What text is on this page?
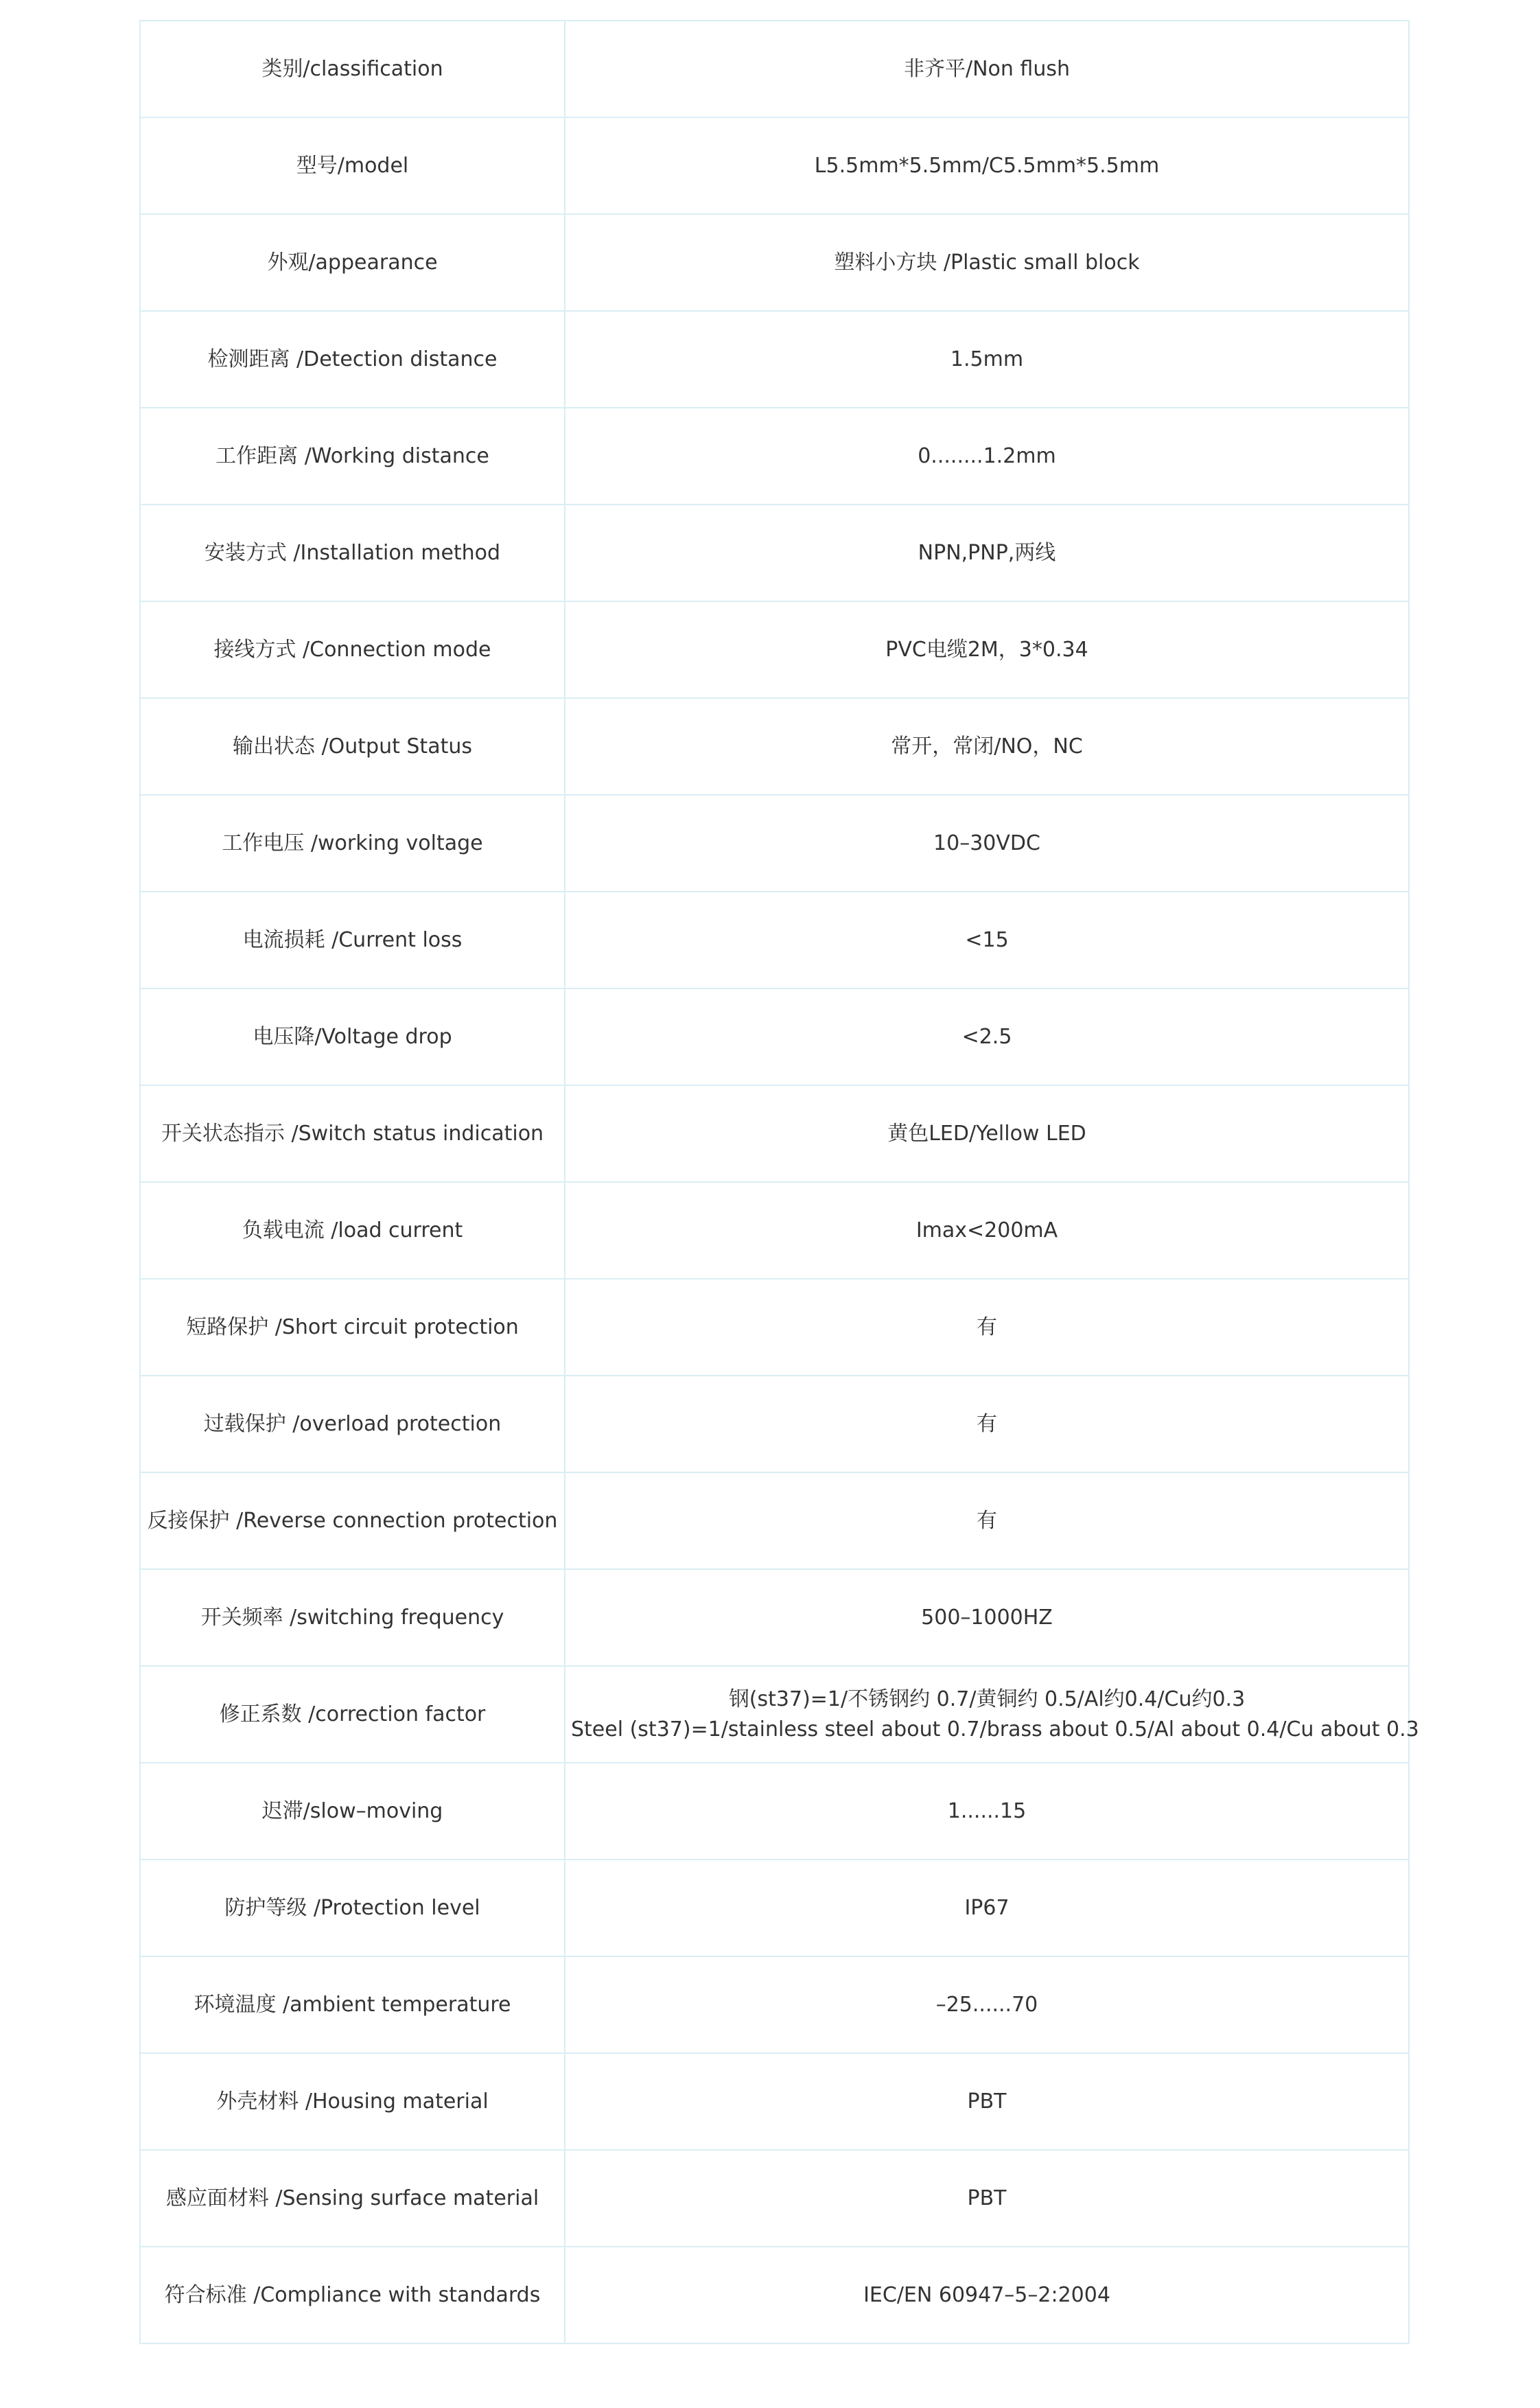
类别/classification	非齐平/Non flush

型号/model	L5.5mm*5.5mm/C5.5mm*5.5mm

外观/appearance	塑料小方块 /Plastic small block

检测距离 /Detection distance	1.5mm

工作距离 /Working distance	0........1.2mm

安装方式 /Installation method	NPN,PNP,两线

接线方式 /Connection mode	PVC电缆2M，3*0.34

输出状态 /Output Status	常开，常闭/NO，NC

工作电压 /working voltage	10–30VDC

电流损耗 /Current loss	<15

电压降/Voltage drop	<2.5

开关状态指示 /Switch status indication	黄色LED/Yellow LED

负载电流 /load current	Imax<200mA

短路保护 /Short circuit protection	有

过载保护 /overload protection	有

反接保护 /Reverse connection protection	有

开关频率 /switching frequency	500–1000HZ

修正系数 /correction factor	钢(st37)=1/不锈钢约 0.7/黄铜约 0.5/Al约0.4/Cu约0.3
Steel (st37)=1/stainless steel about 0.7/brass about 0.5/Al about 0.4/Cu about 0.3

迟滞/slow–moving	1......15

防护等级 /Protection level	IP67

环境温度 /ambient temperature	–25......70

外壳材料 /Housing material	PBT

感应面材料 /Sensing surface material	PBT

符合标准 /Compliance with standards	IEC/EN 60947–5–2:2004
